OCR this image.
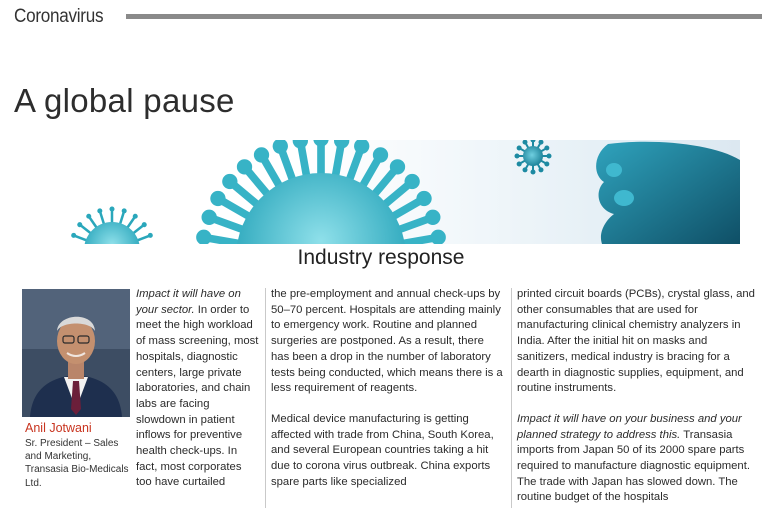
Coronavirus
A global pause
Industry response
Anil Jotwani
Sr. President – Sales and Marketing, Transasia Bio-Medicals Ltd.

Impact it will have on your sector. In order to meet the high workload of mass screening, most hospitals, diagnostic centers, large private laboratories, and chain labs are facing slowdown in patient inflows for preventive health check-ups. In fact, most corporates too have curtailed

the pre-employment and annual check-ups by 50–70 percent. Hospitals are attending mainly to emergency work. Routine and planned surgeries are postponed. As a result, there has been a drop in the number of laboratory tests being conducted, which means there is a less requirement of reagents.

Medical device manufacturing is getting affected with trade from China, South Korea, and several European countries taking a hit due to corona virus outbreak. China exports spare parts like specialized

printed circuit boards (PCBs), crystal glass, and other consumables that are used for manufacturing clinical chemistry analyzers in India. After the initial hit on masks and sanitizers, medical industry is bracing for a dearth in diagnostic supplies, equipment, and routine instruments.

Impact it will have on your business and your planned strategy to address this. Transasia imports from Japan 50 of its 2000 spare parts required to manufacture diagnostic equipment. The trade with Japan has slowed down. The routine budget of the hospitals
